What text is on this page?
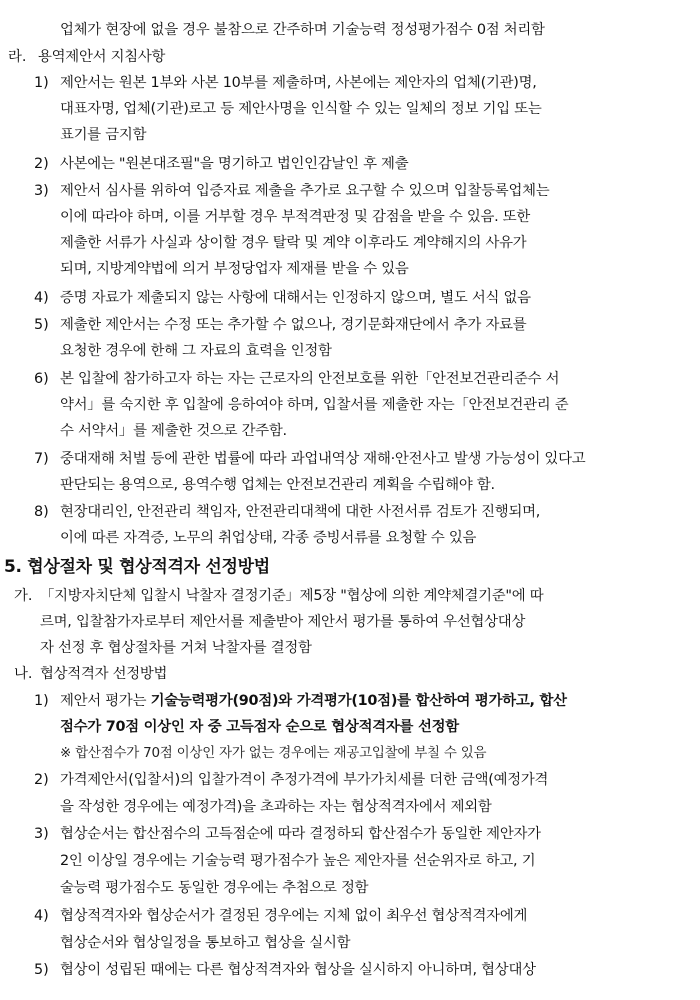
업체가 현장에 없을 경우 불참으로 간주하며 기술능력 정성평가점수 0점 처리함
라. 용역제안서 지침사항
1) 제안서는 원본 1부와 사본 10부를 제출하며, 사본에는 제안자의 업체(기관)명,
대표자명, 업체(기관)로고 등 제안사명을 인식할 수 있는 일체의 정보 기입 또는
표기를 금지함
2) 사본에는 "원본대조필"을 명기하고 법인인감날인 후 제출
3) 제안서 심사를 위하여 입증자료 제출을 추가로 요구할 수 있으며 입찰등록업체는
이에 따라야 하며, 이를 거부할 경우 부적격판정 및 감점을 받을 수 있음. 또한
제출한 서류가 사실과 상이할 경우 탈락 및 계약 이후라도 계약해지의 사유가
되며, 지방계약법에 의거 부정당업자 제재를 받을 수 있음
4) 증명 자료가 제출되지 않는 사항에 대해서는 인정하지 않으며, 별도 서식 없음
5) 제출한 제안서는 수정 또는 추가할 수 없으나, 경기문화재단에서 추가 자료를
요청한 경우에 한해 그 자료의 효력을 인정함
6) 본 입찰에 참가하고자 하는 자는 근로자의 안전보호를 위한「안전보건관리준수 서
약서」를 숙지한 후 입찰에 응하여야 하며, 입찰서를 제출한 자는「안전보건관리 준
수 서약서」를 제출한 것으로 간주함.
7) 중대재해 처벌 등에 관한 법률에 따라 과업내역상 재해·안전사고 발생 가능성이 있다고
판단되는 용역으로, 용역수행 업체는 안전보건관리 계획을 수립해야 함.
8) 현장대리인, 안전관리 책임자, 안전관리대책에 대한 사전서류 검토가 진행되며,
이에 따른 자격증, 노무의 취업상태, 각종 증빙서류를 요청할 수 있음
5. 협상절차 및 협상적격자 선정방법
가. 「지방자치단체 입찰시 낙찰자 결정기준」제5장 "협상에 의한 계약체결기준"에 따
르며, 입찰참가자로부터 제안서를 제출받아 제안서 평가를 통하여 우선협상대상
자 선정 후 협상절차를 거쳐 낙찰자를 결정함
나. 협상적격자 선정방법
1) 제안서 평가는 기술능력평가(90점)와 가격평가(10점)를 합산하여 평가하고, 합산
점수가 70점 이상인 자 중 고득점자 순으로 협상적격자를 선정함
※ 합산점수가 70점 이상인 자가 없는 경우에는 재공고입찰에 부칠 수 있음
2) 가격제안서(입찰서)의 입찰가격이 추정가격에 부가가치세를 더한 금액(예정가격
을 작성한 경우에는 예정가격)을 초과하는 자는 협상적격자에서 제외함
3) 협상순서는 합산점수의 고득점순에 따라 결정하되 합산점수가 동일한 제안자가
2인 이상일 경우에는 기술능력 평가점수가 높은 제안자를 선순위자로 하고, 기
술능력 평가점수도 동일한 경우에는 추첨으로 정함
4) 협상적격자와 협상순서가 결정된 경우에는 지체 없이 최우선 협상적격자에게
협상순서와 협상일정을 통보하고 협상을 실시함
5) 협상이 성립된 때에는 다른 협상적격자와 협상을 실시하지 아니하며, 협상대상
